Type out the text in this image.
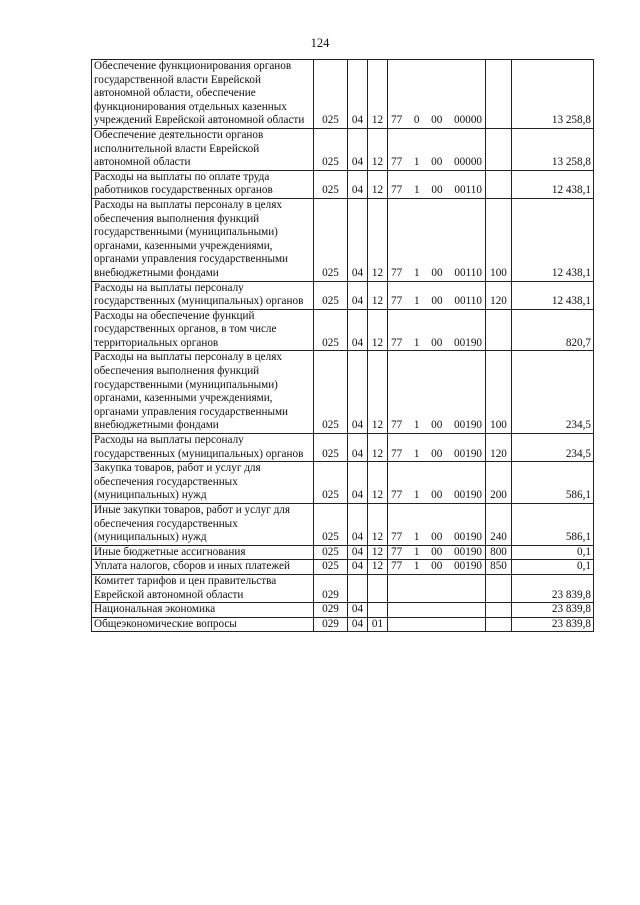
124
Обеспечение функционирования органов государственной власти Еврейской автономной области, обеспечение функционирования отдельных казенных учреждений Еврейской автономной области	025	04	12	77 0 00 00000		13 258,8
Обеспечение деятельности органов исполнительной власти Еврейской автономной области	025	04	12	77 1 00 00000		13 258,8
Расходы на выплаты по оплате труда работников государственных органов	025	04	12	77 1 00 00110		12 438,1
Расходы на выплаты персоналу в целях обеспечения выполнения функций государственными (муниципальными) органами, казенными учреждениями, органами управления государственными внебюджетными фондами	025	04	12	77 1 00 00110	100	12 438,1
Расходы на выплаты персоналу государственных (муниципальных) органов	025	04	12	77 1 00 00110	120	12 438,1
Расходы на обеспечение функций государственных органов, в том числе территориальных органов	025	04	12	77 1 00 00190		820,7
Расходы на выплаты персоналу в целях обеспечения выполнения функций государственными (муниципальными) органами, казенными учреждениями, органами управления государственными внебюджетными фондами	025	04	12	77 1 00 00190	100	234,5
Расходы на выплаты персоналу государственных (муниципальных) органов	025	04	12	77 1 00 00190	120	234,5
Закупка товаров, работ и услуг для обеспечения государственных (муниципальных) нужд	025	04	12	77 1 00 00190	200	586,1
Иные закупки товаров, работ и услуг для обеспечения государственных (муниципальных) нужд	025	04	12	77 1 00 00190	240	586,1
Иные бюджетные ассигнования	025	04	12	77 1 00 00190	800	0,1
Уплата налогов, сборов и иных платежей	025	04	12	77 1 00 00190	850	0,1
Комитет тарифов и цен правительства Еврейской автономной области	029					23 839,8
Национальная экономика	029	04				23 839,8
Общеэкономические вопросы	029	04	01			23 839,8
